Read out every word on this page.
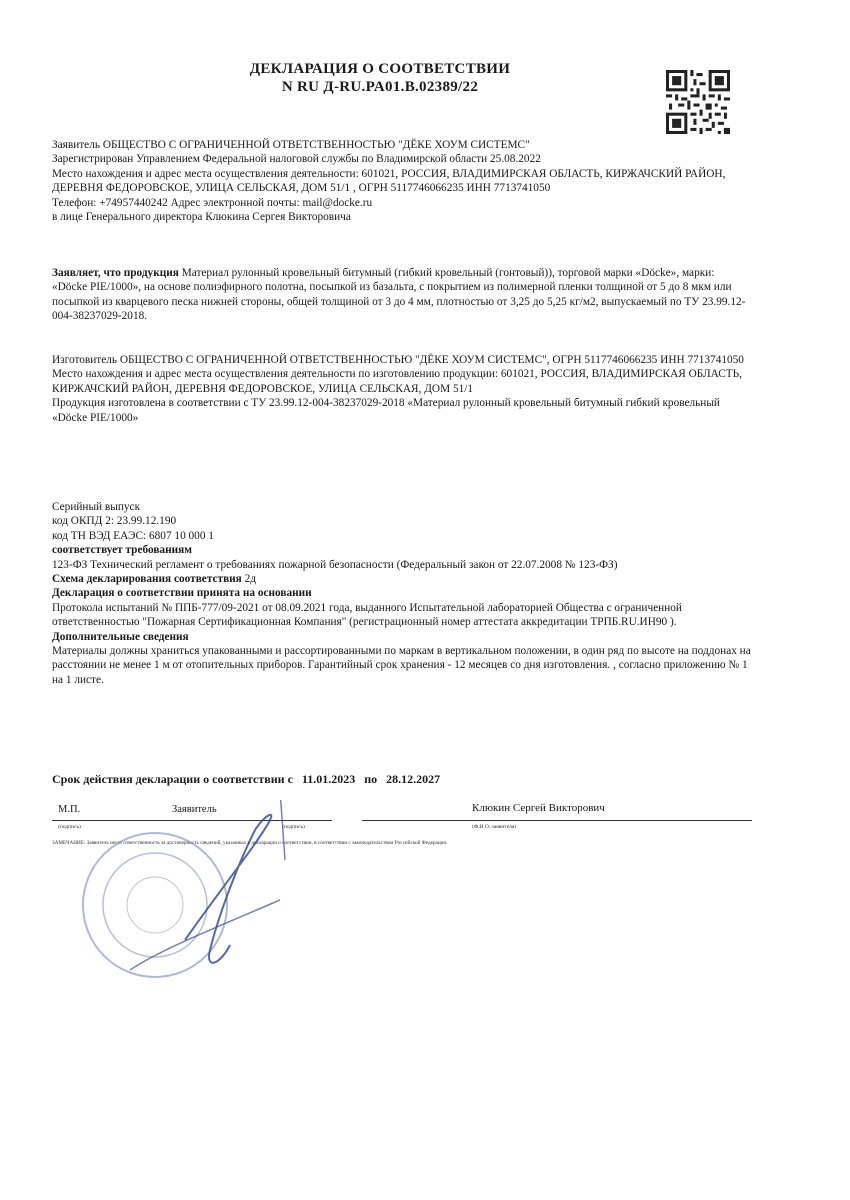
ДЕКЛАРАЦИЯ О СООТВЕТСТВИИ
N RU Д-RU.PA01.B.02389/22

Заявитель ОБЩЕСТВО С ОГРАНИЧЕННОЙ ОТВЕТСТВЕННОСТЬЮ "ДЁКЕ ХОУМ СИСТЕМС"

Зарегистрирован Управлением Федеральной налоговой службы по Владимирской области 25.08.2022

Место нахождения и адрес места осуществления деятельности: 601021, РОССИЯ, ВЛАДИМИРСКАЯ ОБЛАСТЬ, КИРЖАЧСКИЙ РАЙОН, ДЕРЕВНЯ ФЕДОРОВСКОЕ, УЛИЦА СЕЛЬСКАЯ, ДОМ 51/1 , ОГРН 5117746066235 ИНН 7713741050

Телефон: +74957440242 Адрес электронной почты: mail@docke.ru

в лице Генерального директора Клюкина Сергея Викторовича

Заявляет, что продукция Материал рулонный кровельный битумный (гибкий кровельный (гонтовый)), торговой марки «Döcke», марки: «Döcke PIE/1000», на основе полиэфирного полотна, посыпкой из базальта, с покрытием из полимерной пленки толщиной от 5 до 8 мкм или посыпкой из кварцевого песка нижней стороны, общей толщиной от 3 до 4 мм, плотностью от 3,25 до 5,25 кг/м2, выпускаемый по ТУ 23.99.12-004-38237029-2018.

Изготовитель ОБЩЕСТВО С ОГРАНИЧЕННОЙ ОТВЕТСТВЕННОСТЬЮ "ДЁКЕ ХОУМ СИСТЕМС", ОГРН 5117746066235 ИНН 7713741050

Место нахождения и адрес места осуществления деятельности по изготовлению продукции: 601021, РОССИЯ, ВЛАДИМИРСКАЯ ОБЛАСТЬ, КИРЖАЧСКИЙ РАЙОН, ДЕРЕВНЯ ФЕДОРОВСКОЕ, УЛИЦА СЕЛЬСКАЯ, ДОМ 51/1

Продукция изготовлена в соответствии с ТУ 23.99.12-004-38237029-2018 «Материал рулонный кровельный битумный гибкий кровельный «Döcke PIE/1000»

Серийный выпуск

код ОКПД 2: 23.99.12.190

код ТН ВЭД ЕАЭС: 6807 10 000 1

соответствует требованиям

123-ФЗ Технический регламент о требованиях пожарной безопасности (Федеральный закон от 22.07.2008 № 123-ФЗ)

Схема декларирования соответствия 2д

Декларация о соответствии принята на основании

Протокола испытаний № ППБ-777/09-2021 от 08.09.2021 года, выданного Испытательной лабораторией Общества с ограниченной ответственностью "Пожарная Сертификационная Компания" (регистрационный номер аттестата аккредитации ТРПБ.RU.ИН90 ).

Дополнительные сведения

Материалы должны храниться упакованными и рассортированными по маркам в вертикальном положении, в один ряд по высоте на поддонах на расстоянии не менее 1 м от отопительных приборов. Гарантийный срок хранения - 12 месяцев со дня изготовления. , согласно приложению № 1 на 1 листе.

Срок действия декларации о соответствии с 11.01.2023 по 28.12.2027
М.П.	Заявитель	Клюкин Сергей Викторович
(подпись)	(подпись)	(Ф.И.О. заявителя)
ЗАМЕЧАНИЕ: Заявитель несет ответственность за достоверность сведений, указанных в декларации о соответствии, в соответствии с законодательством Российской Федерации.
